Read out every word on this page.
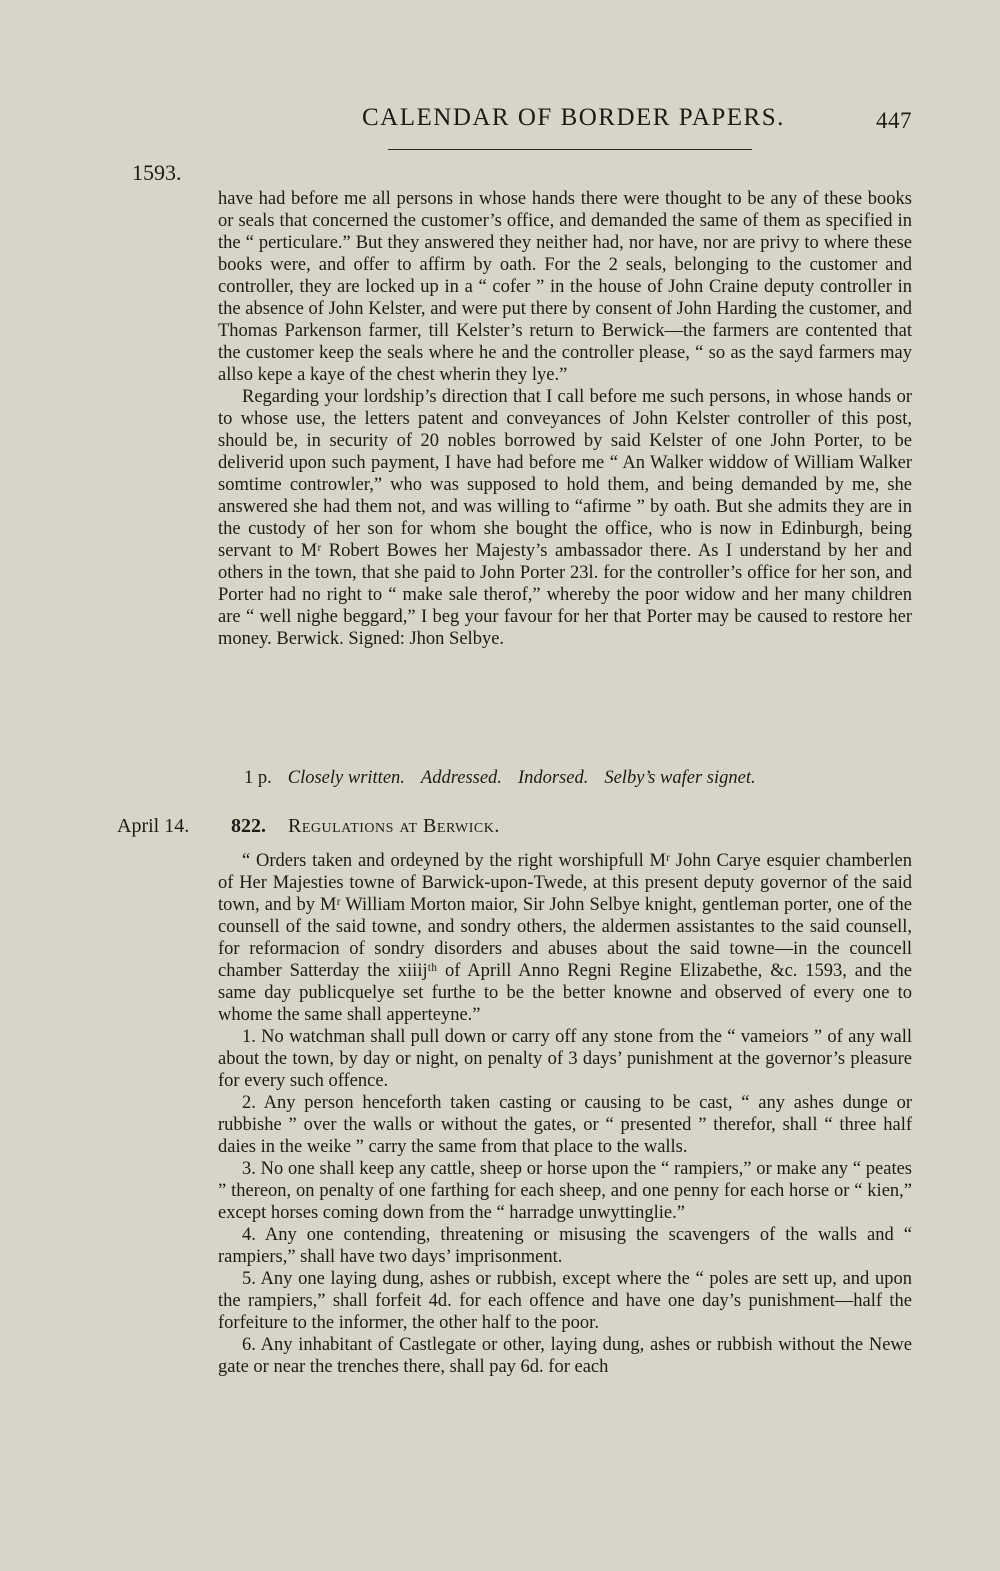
CALENDAR OF BORDER PAPERS.	447
1593.

have had before me all persons in whose hands there were thought to be any of these books or seals that concerned the customer’s office, and demanded the same of them as specified in the “ perticulare.” But they answered they neither had, nor have, nor are privy to where these books were, and offer to affirm by oath. For the 2 seals, belonging to the customer and controller, they are locked up in a “ cofer ” in the house of John Craine deputy controller in the absence of John Kelster, and were put there by consent of John Harding the customer, and Thomas Parkenson farmer, till Kelster’s return to Berwick—the farmers are contented that the customer keep the seals where he and the controller please, “ so as the sayd farmers may allso kepe a kaye of the chest wherin they lye.”

Regarding your lordship’s direction that I call before me such persons, in whose hands or to whose use, the letters patent and conveyances of John Kelster controller of this post, should be, in security of 20 nobles borrowed by said Kelster of one John Porter, to be deliverid upon such payment, I have had before me “ An Walker widdow of William Walker somtime controwler,” who was supposed to hold them, and being demanded by me, she answered she had them not, and was willing to “afirme ” by oath. But she admits they are in the custody of her son for whom she bought the office, who is now in Edinburgh, being servant to Mʳ Robert Bowes her Majesty’s ambassador there. As I understand by her and others in the town, that she paid to John Porter 23l. for the controller’s office for her son, and Porter had no right to “ make sale therof,” whereby the poor widow and her many children are “ well nighe beggard,” I beg your favour for her that Porter may be caused to restore her money. Berwick. Signed: Jhon Selbye.

1 p. Closely written. Addressed. Indorsed. Selby’s wafer signet.
April 14. 822. Regulations at Berwick.

“ Orders taken and ordeyned by the right worshipfull Mʳ John Carye esquier chamberlen of Her Majesties towne of Barwick-upon-Twede, at this present deputy governor of the said town, and by Mʳ William Morton maior, Sir John Selbye knight, gentleman porter, one of the counsell of the said towne, and sondry others, the aldermen assistantes to the said counsell, for reformacion of sondry disorders and abuses about the said towne—in the councell chamber Satterday the xiiijᵗʰ of Aprill Anno Regni Regine Elizabethe, &c. 1593, and the same day publicquelye set furthe to be the better knowne and observed of every one to whome the same shall apperteyne.”

1. No watchman shall pull down or carry off any stone from the “ vameiors ” of any wall about the town, by day or night, on penalty of 3 days’ punishment at the governor’s pleasure for every such offence.

2. Any person henceforth taken casting or causing to be cast, “ any ashes dunge or rubbishe ” over the walls or without the gates, or “ presented ” therefor, shall “ three half daies in the weike ” carry the same from that place to the walls.

3. No one shall keep any cattle, sheep or horse upon the “ rampiers,” or make any “ peates ” thereon, on penalty of one farthing for each sheep, and one penny for each horse or “ kien,” except horses coming down from the “ harradge unwyttinglie.”

4. Any one contending, threatening or misusing the scavengers of the walls and “ rampiers,” shall have two days’ imprisonment.

5. Any one laying dung, ashes or rubbish, except where the “ poles are sett up, and upon the rampiers,” shall forfeit 4d. for each offence and have one day’s punishment—half the forfeiture to the informer, the other half to the poor.

6. Any inhabitant of Castlegate or other, laying dung, ashes or rubbish without the Newe gate or near the trenches there, shall pay 6d. for each
